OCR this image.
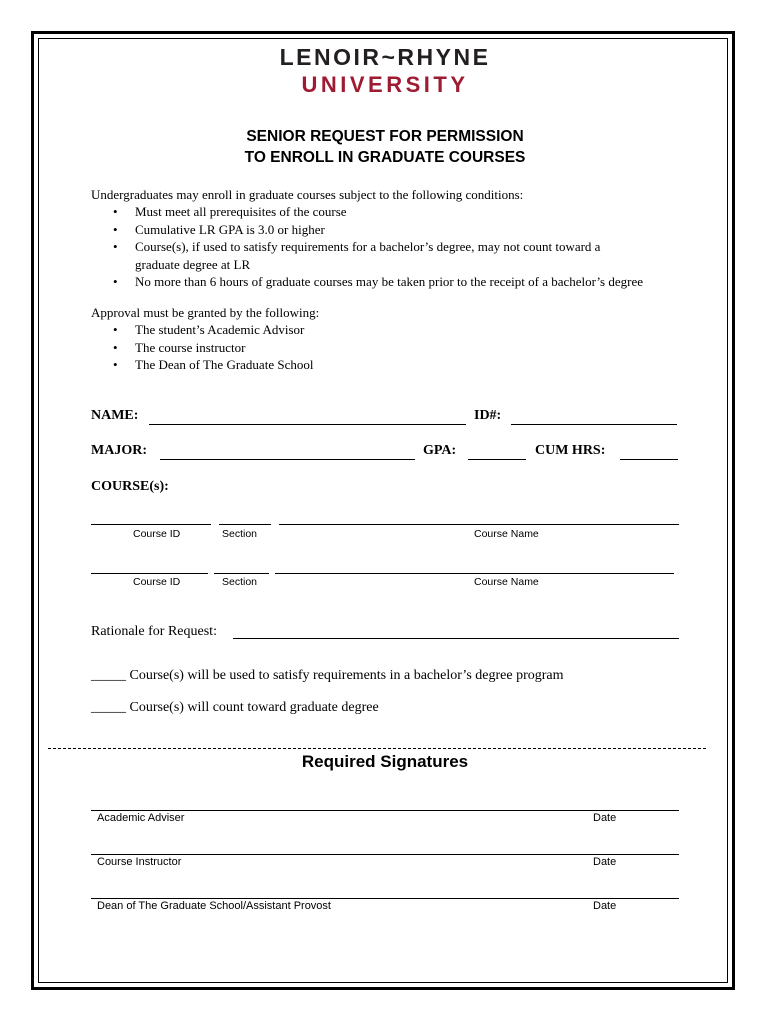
LENOIR~RHYNE
UNIVERSITY
SENIOR REQUEST FOR PERMISSION
TO ENROLL IN GRADUATE COURSES
Undergraduates may enroll in graduate courses subject to the following conditions:
• Must meet all prerequisites of the course
• Cumulative LR GPA is 3.0 or higher
• Course(s), if used to satisfy requirements for a bachelor’s degree, may not count toward a
graduate degree at LR
• No more than 6 hours of graduate courses may be taken prior to the receipt of a bachelor’s degree
Approval must be granted by the following:
• The student’s Academic Advisor
• The course instructor
• The Dean of The Graduate School
NAME:	ID#:
MAJOR:	GPA:	CUM HRS:
COURSE(s):
Course ID	Section	Course Name
Course ID	Section	Course Name
Rationale for Request:
_____ Course(s) will be used to satisfy requirements in a bachelor’s degree program
_____ Course(s) will count toward graduate degree
Required Signatures
Academic Adviser	Date
Course Instructor	Date
Dean of The Graduate School/Assistant Provost	Date
